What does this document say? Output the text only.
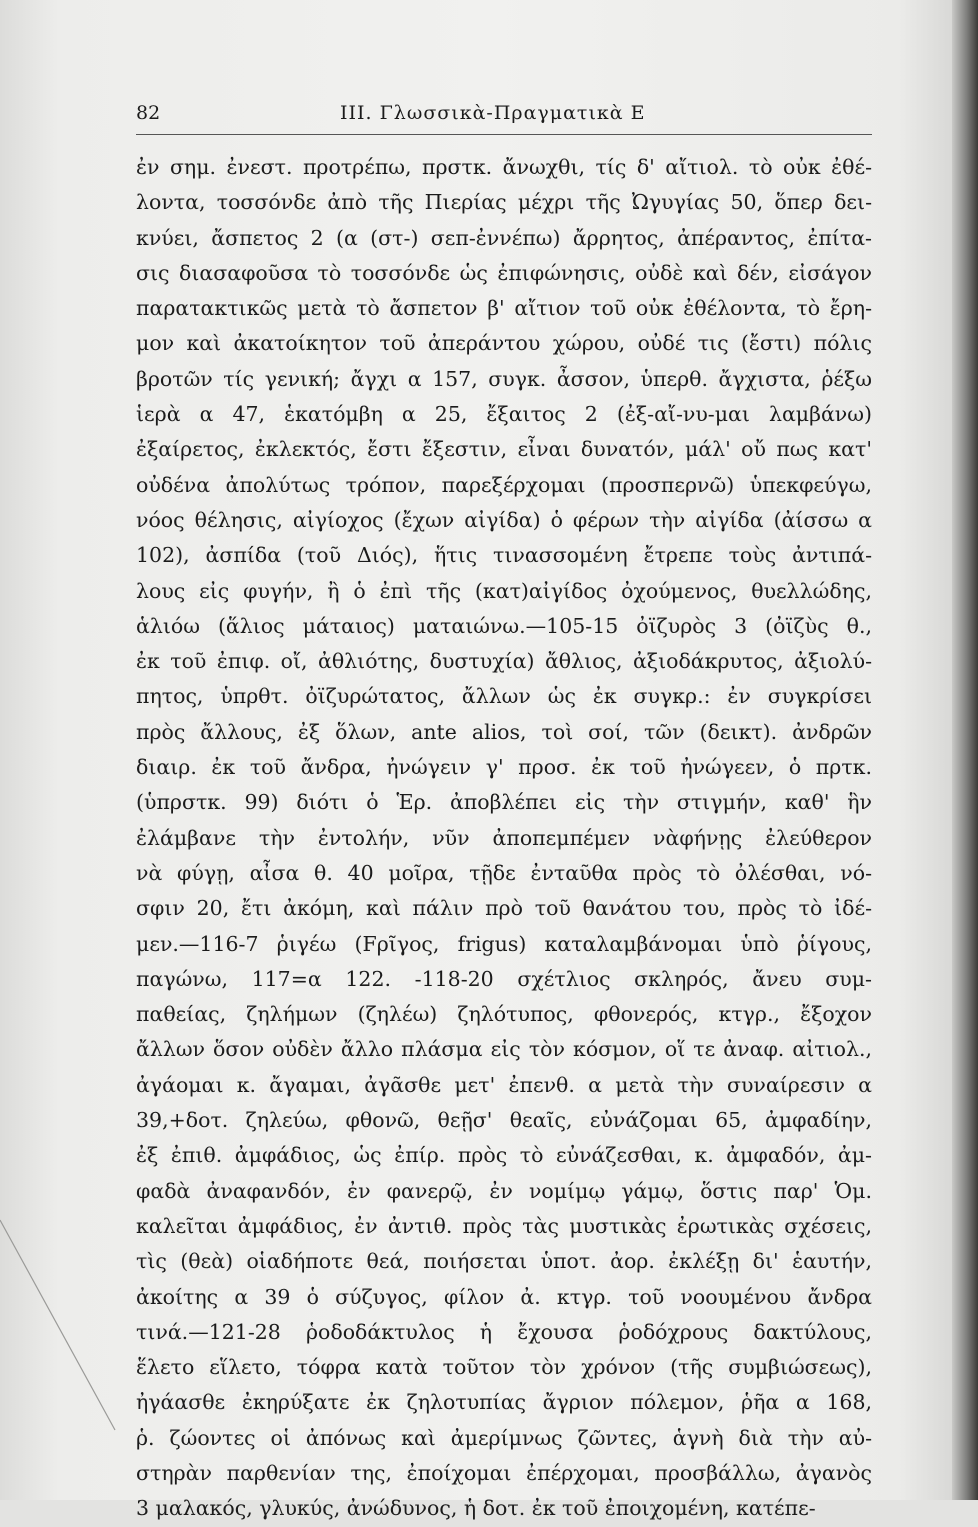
82	III. Γλωσσικὰ-Πραγματικὰ Ε
ἐν σημ. ἐνεστ. προτρέπω, πρστκ. ἄνωχθι, τίς δ' αἴτιολ. τὸ οὐκ ἐθέ-
λοντα, τοσσόνδε ἀπὸ τῆς Πιερίας μέχρι τῆς Ὠγυγίας 50, ὅπερ δει-
κνύει, ἄσπετος 2 (α (στ-) σεπ-ἐννέπω) ἄρρητος, ἀπέραντος, ἐπίτα-
σις διασαφοῦσα τὸ τοσσόνδε ὡς ἐπιφώνησις, οὐδὲ καὶ δέν, εἰσάγον
παρατακτικῶς μετὰ τὸ ἄσπετον β' αἴτιον τοῦ οὐκ ἐθέλοντα, τὸ ἔρη-
μον καὶ ἀκατοίκητον τοῦ ἀπεράντου χώρου, οὐδέ τις (ἔστι) πόλις
βροτῶν τίς γενική; ἄγχι α 157, συγκ. ἆσσον, ὑπερθ. ἄγχιστα, ῥέξω
ἱερὰ α 47, ἑκατόμβη α 25, ἔξαιτος 2 (ἐξ-αἴ-νυ-μαι λαμβάνω)
ἐξαίρετος, ἐκλεκτός, ἔστι ἔξεστιν, εἶναι δυνατόν, μάλ' οὔ πως κατ'
οὐδένα ἀπολύτως τρόπον, παρεξέρχομαι (προσπερνῶ) ὑπεκφεύγω,
νόος θέλησις, αἰγίοχος (ἔχων αἰγίδα) ὁ φέρων τὴν αἰγίδα (ἀίσσω α
102), ἀσπίδα (τοῦ Διός), ἥτις τινασσομένη ἔτρεπε τοὺς ἀντιπά-
λους εἰς φυγήν, ἢ ὁ ἐπὶ τῆς (κατ)αἰγίδος ὀχούμενος, θυελλώδης,
ἁλιόω (ἅλιος μάταιος) ματαιώνω.—105-15 ὀϊζυρὸς 3 (ὀϊζὺς θ.,
ἐκ τοῦ ἐπιφ. οἴ, ἀθλιότης, δυστυχία) ἄθλιος, ἀξιοδάκρυτος, ἀξιολύ-
πητος, ὑπρθτ. ὀϊζυρώτατος, ἄλλων ὡς ἐκ συγκρ.: ἐν συγκρίσει
πρὸς ἄλλους, ἐξ ὅλων, ante alios, τοὶ σοί, τῶν (δεικτ). ἀνδρῶν
διαιρ. ἐκ τοῦ ἄνδρα, ἠνώγειν γ' προσ. ἐκ τοῦ ἠνώγεεν, ὁ πρτκ.
(ὑπρστκ. 99) διότι ὁ Ἑρ. ἀποβλέπει εἰς τὴν στιγμήν, καθ' ἣν
ἐλάμβανε τὴν ἐντολήν, νῦν ἀποπεμπέμεν νὰφήνῃς ἐλεύθερον
νὰ φύγῃ, αἶσα θ. 40 μοῖρα, τῇδε ἐνταῦθα πρὸς τὸ ὀλέσθαι, νό-
σφιν 20, ἔτι ἀκόμη, καὶ πάλιν πρὸ τοῦ θανάτου του, πρὸς τὸ ἰδέ-
μεν.—116-7 ῥιγέω (Fρῖγος, frigus) καταλαμβάνομαι ὑπὸ ῥίγους,
παγώνω, 117=α 122. -118-20 σχέτλιος σκληρός, ἄνευ συμ-
παθείας, ζηλήμων (ζηλέω) ζηλότυπος, φθονερός, κτγρ., ἔξοχον
ἄλλων ὅσον οὐδὲν ἄλλο πλάσμα εἰς τὸν κόσμον, οἵ τε ἀναφ. αἰτιολ.,
ἀγάομαι κ. ἄγαμαι, ἀγᾶσθε μετ' ἐπενθ. α μετὰ τὴν συναίρεσιν α
39,+δοτ. ζηλεύω, φθονῶ, θεῇσ' θεαῖς, εὐνάζομαι 65, ἀμφαδίην,
ἐξ ἐπιθ. ἀμφάδιος, ὡς ἐπίρ. πρὸς τὸ εὐνάζεσθαι, κ. ἀμφαδόν, ἀμ-
φαδὰ ἀναφανδόν, ἐν φανερῷ, ἐν νομίμῳ γάμῳ, ὅστις παρ' Ὁμ.
καλεῖται ἀμφάδιος, ἐν ἀντιθ. πρὸς τὰς μυστικὰς ἐρωτικὰς σχέσεις,
τὶς (θεὰ) οἱαδήποτε θεά, ποιήσεται ὑποτ. ἀορ. ἐκλέξῃ δι' ἑαυτήν,
ἀκοίτης α 39 ὁ σύζυγος, φίλον ἀ. κτγρ. τοῦ νοουμένου ἄνδρα
τινά.—121-28 ῥοδοδάκτυλος ἡ ἔχουσα ῥοδόχρους δακτύλους,
ἕλετο εἵλετο, τόφρα κατὰ τοῦτον τὸν χρόνον (τῆς συμβιώσεως),
ἠγάασθε ἐκηρύξατε ἐκ ζηλοτυπίας ἄγριον πόλεμον, ῥῆα α 168,
ῥ. ζώοντες οἱ ἀπόνως καὶ ἀμερίμνως ζῶντες, ἁγνὴ διὰ τὴν αὐ-
στηρὰν παρθενίαν της, ἐποίχομαι ἐπέρχομαι, προσβάλλω, ἀγανὸς
3 μαλακός, γλυκύς, ἀνώδυνος, ἡ δοτ. ἐκ τοῦ ἐποιχομένη, κατέπε-
